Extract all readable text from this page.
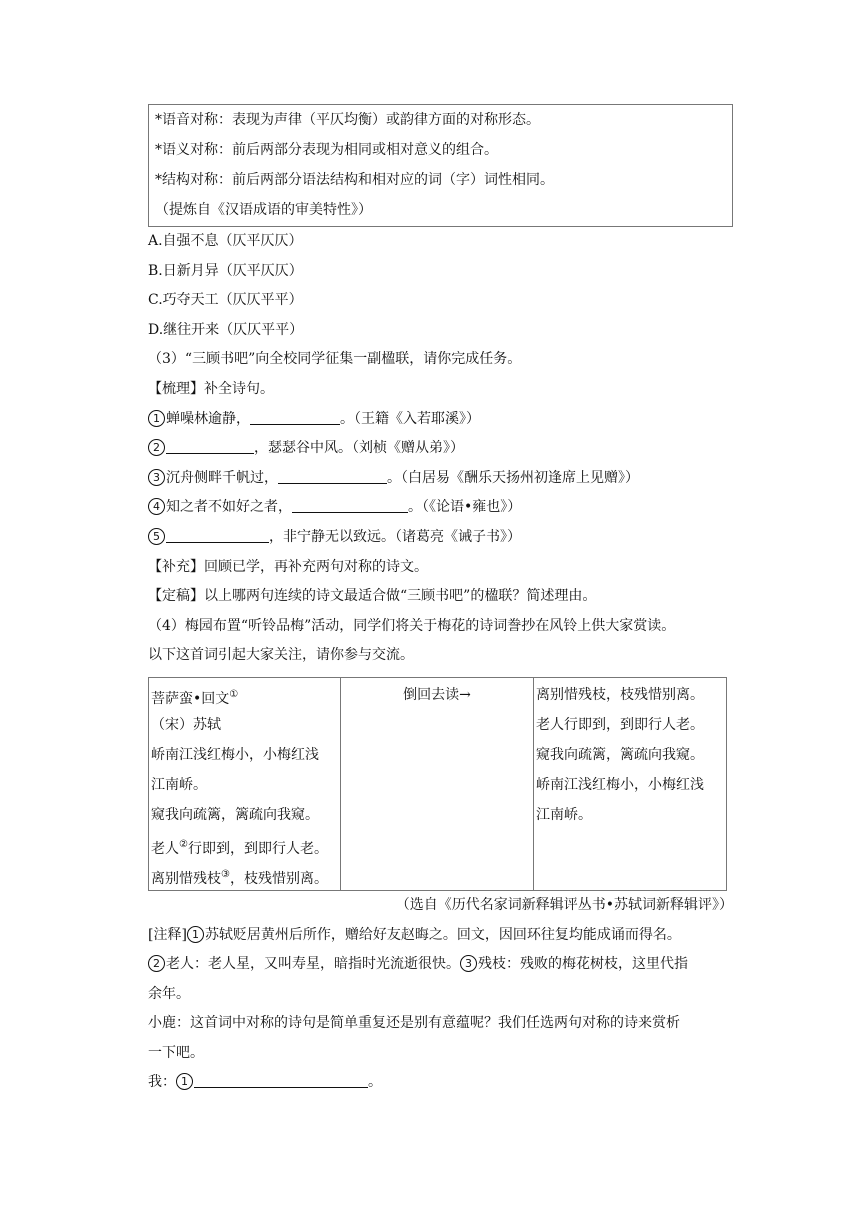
*语音对称：表现为声律（平仄均衡）或韵律方面的对称形态。
*语义对称：前后两部分表现为相同或相对意义的组合。
*结构对称：前后两部分语法结构和相对应的词（字）词性相同。
（提炼自《汉语成语的审美特性》）
A.自强不息（仄平仄仄）
B.日新月异（仄平仄仄）
C.巧夺天工（仄仄平平）
D.继往开来（仄仄平平）
（3）“三顾书吧”向全校同学征集一副楹联，请你完成任务。
【梳理】补全诗句。
1 蝉噪林逾静，	。（王籍《入若耶溪》）
2	，瑟瑟谷中风。（刘桢《赠从弟》）
3 沉舟侧畔千帆过，	。（白居易《酬乐天扬州初逢席上见赠》）
4 知之者不如好之者，	。（《论语•雍也》）
5	，非宁静无以致远。（诸葛亮《诫子书》）
【补充】回顾已学，再补充两句对称的诗文。
【定稿】以上哪两句连续的诗文最适合做“三顾书吧”的楹联？简述理由。
（4）梅园布置“听铃品梅”活动，同学们将关于梅花的诗词誊抄在风铃上供大家赏读。
以下这首词引起大家关注，请你参与交流。
菩萨蛮•回文①
（宋）苏轼
峤南江浅红梅小，小梅红浅
江南峤。
窥我向疏篱，篱疏向我窥。
老人②行即到，到即行人老。
离别惜残枝③，枝残惜别离。

倒回去读→	离别惜残枝，枝残惜别离。
老人行即到，到即行人老。
窥我向疏篱，篱疏向我窥。
峤南江浅红梅小，小梅红浅
江南峤。
（选自《历代名家词新释辑评丛书•苏轼词新释辑评》）
[注释] 1 苏轼贬居黄州后所作，赠给好友赵晦之。回文，因回环往复均能成诵而得名。
2 老人：老人星，又叫寿星，暗指时光流逝很快。 3 残枝：残败的梅花树枝，这里代指
余年。
小鹿：这首词中对称的诗句是简单重复还是别有意蕴呢？我们任选两句对称的诗来赏析
一下吧。
我： 1	。
